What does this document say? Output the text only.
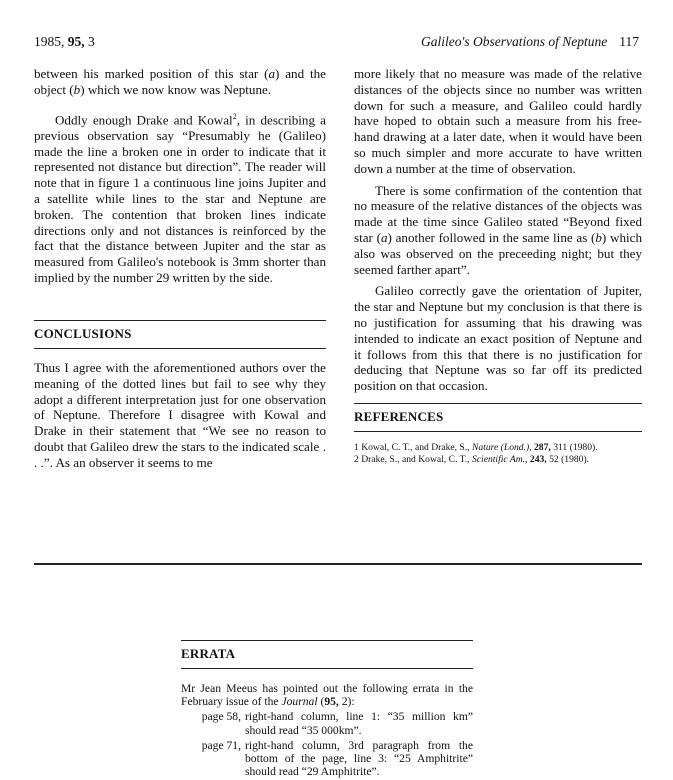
1985, 95, 3	Galileo's Observations of Neptune 117

between his marked position of this star (a) and the object (b) which we now know was Neptune.

Oddly enough Drake and Kowal$^2$, in describing a previous observation say “Presumably he (Galileo) made the line a broken one in order to indicate that it represented not distance but direction”. The reader will note that in figure 1 a continuous line joins Jupiter and a satellite while lines to the star and Neptune are broken. The contention that broken lines indicate directions only and not distances is reinforced by the fact that the distance between Jupiter and the star as measured from Galileo's notebook is 3mm shorter than implied by the number 29 written by the side.

CONCLUSIONS

Thus I agree with the aforementioned authors over the meaning of the dotted lines but fail to see why they adopt a different interpretation just for one observation of Neptune. Therefore I disagree with Kowal and Drake in their statement that “We see no reason to doubt that Galileo drew the stars to the indicated scale . . .”. As an observer it seems to me

more likely that no measure was made of the relative distances of the objects since no number was written down for such a measure, and Galileo could hardly have hoped to obtain such a measure from his free-hand drawing at a later date, when it would have been so much simpler and more accurate to have written down a number at the time of observation.

There is some confirmation of the contention that no measure of the relative distances of the objects was made at the time since Galileo stated “Beyond fixed star (a) another followed in the same line as (b) which also was observed on the preceeding night; but they seemed farther apart”.

Galileo correctly gave the orientation of Jupiter, the star and Neptune but my conclusion is that there is no justification for assuming that his drawing was intended to indicate an exact position of Neptune and it follows from this that there is no justification for deducing that Neptune was so far off its predicted position on that occasion.

REFERENCES
1 Kowal, C. T., and Drake, S., Nature (Lond.), 287, 311 (1980).
2 Drake, S., and Kowal, C. T., Scientific Am., 243, 52 (1980).
ERRATA
Mr Jean Meeus has pointed out the following errata in the February issue of the Journal (95, 2):
page 58, right-hand column, line 1: “35 million km” should read “35 000km”.
page 71, right-hand column, 3rd paragraph from the bottom of the page, line 3: “25 Amphitrite” should read “29 Amphitrite”.
